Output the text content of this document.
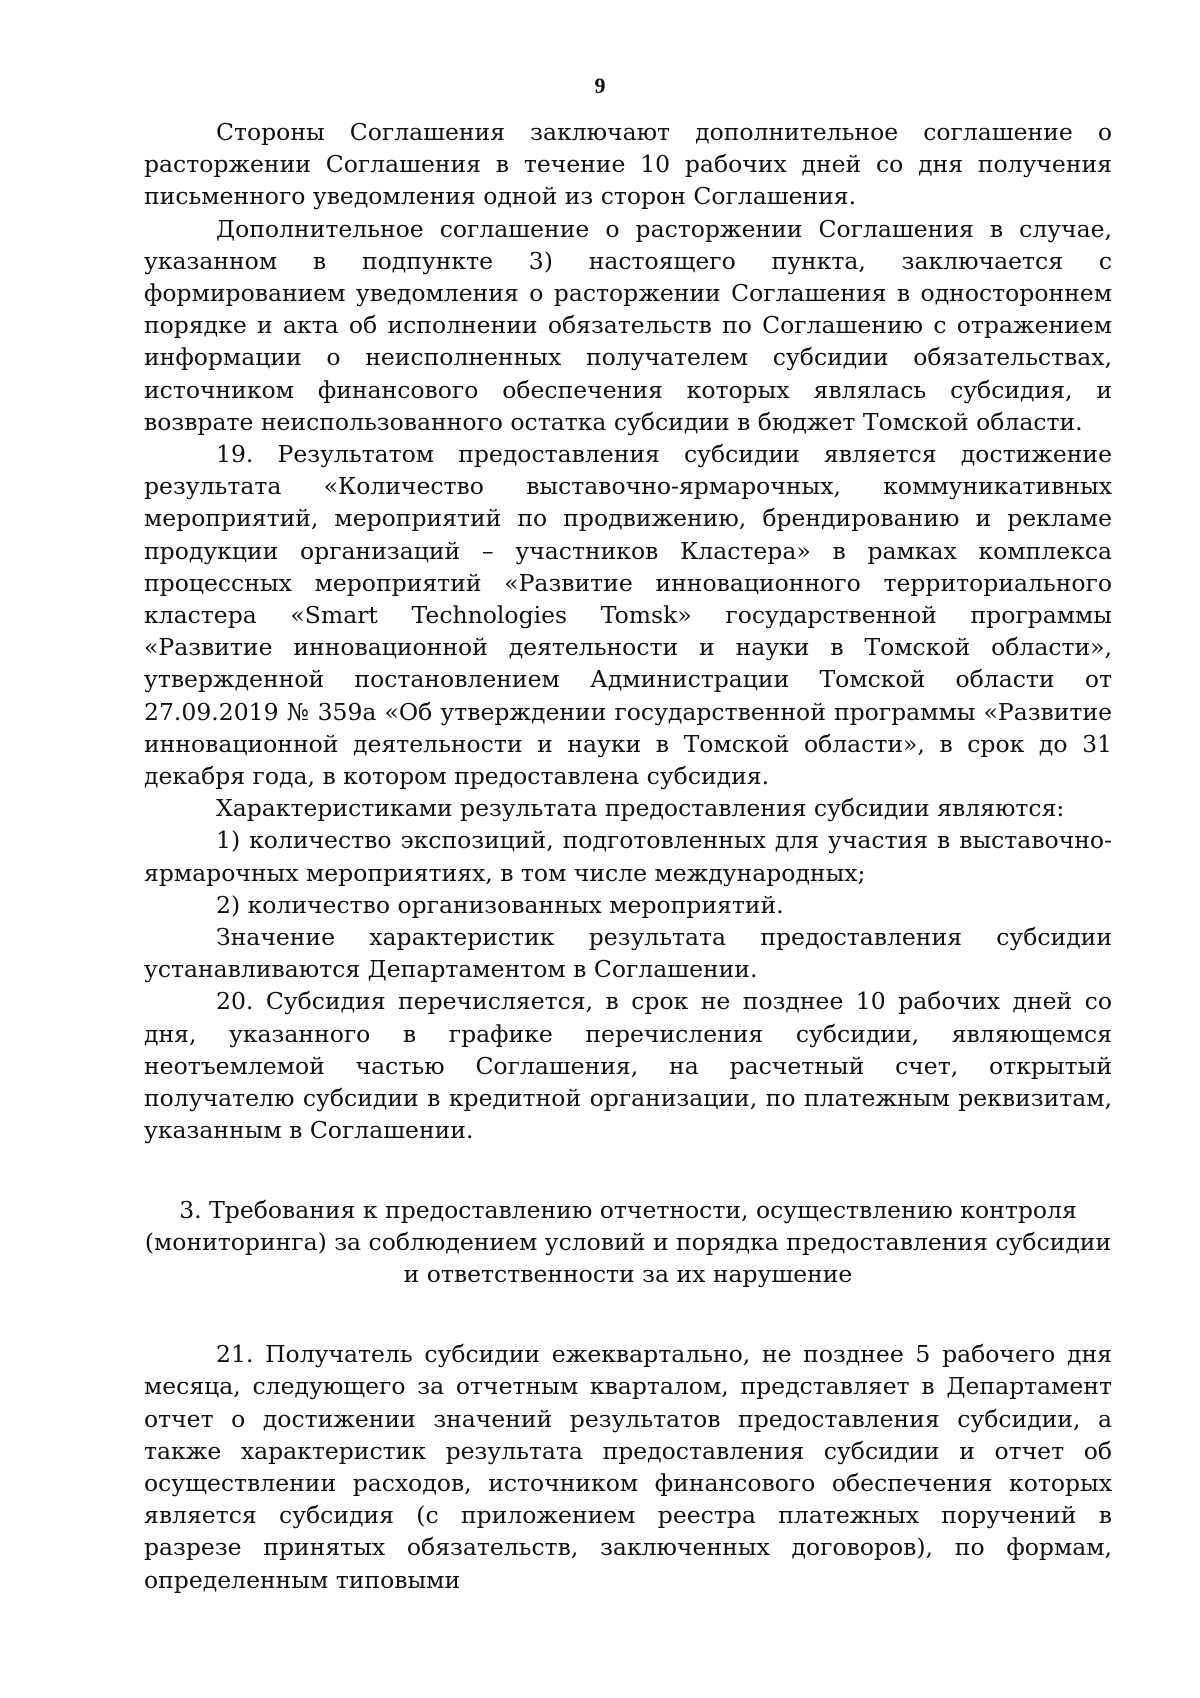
9

Стороны Соглашения заключают дополнительное соглашение о расторжении Соглашения в течение 10 рабочих дней со дня получения письменного уведомления одной из сторон Соглашения.

Дополнительное соглашение о расторжении Соглашения в случае, указанном в подпункте 3) настоящего пункта, заключается с формированием уведомления о расторжении Соглашения в одностороннем порядке и акта об исполнении обязательств по Соглашению с отражением информации о неисполненных получателем субсидии обязательствах, источником финансового обеспечения которых являлась субсидия, и возврате неиспользованного остатка субсидии в бюджет Томской области.

19. Результатом предоставления субсидии является достижение результата «Количество выставочно-ярмарочных, коммуникативных мероприятий, мероприятий по продвижению, брендированию и рекламе продукции организаций – участников Кластера» в рамках комплекса процессных мероприятий «Развитие инновационного территориального кластера «Smart Technologies Tomsk» государственной программы «Развитие инновационной деятельности и науки в Томской области», утвержденной постановлением Администрации Томской области от 27.09.2019 № 359а «Об утверждении государственной программы «Развитие инновационной деятельности и науки в Томской области», в срок до 31 декабря года, в котором предоставлена субсидия.

Характеристиками результата предоставления субсидии являются:

1) количество экспозиций, подготовленных для участия в выставочно-ярмарочных мероприятиях, в том числе международных;

2) количество организованных мероприятий.

Значение характеристик результата предоставления субсидии устанавливаются Департаментом в Соглашении.

20. Субсидия перечисляется, в срок не позднее 10 рабочих дней со дня, указанного в графике перечисления субсидии, являющемся неотъемлемой частью Соглашения, на расчетный счет, открытый получателю субсидии в кредитной организации, по платежным реквизитам, указанным в Соглашении.

3. Требования к предоставлению отчетности, осуществлению контроля (мониторинга) за соблюдением условий и порядка предоставления субсидии и ответственности за их нарушение

21. Получатель субсидии ежеквартально, не позднее 5 рабочего дня месяца, следующего за отчетным кварталом, представляет в Департамент отчет о достижении значений результатов предоставления субсидии, а также характеристик результата предоставления субсидии и отчет об осуществлении расходов, источником финансового обеспечения которых является субсидия (с приложением реестра платежных поручений в разрезе принятых обязательств, заключенных договоров), по формам, определенным типовыми
